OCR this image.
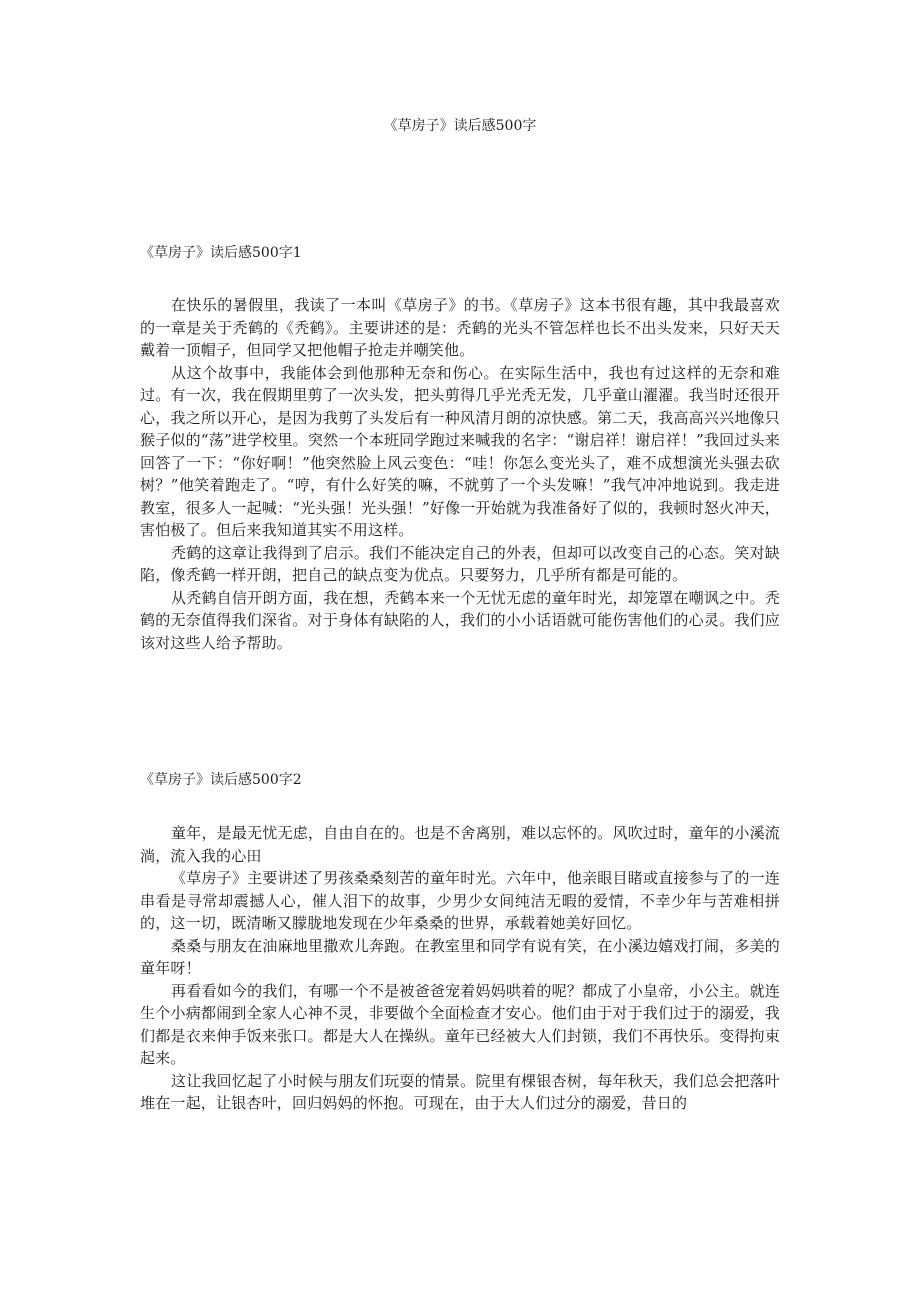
《草房子》读后感500字
《草房子》读后感500字1

在快乐的暑假里，我读了一本叫《草房子》的书。《草房子》这本书很有趣，其中我最喜欢的一章是关于秃鹤的《秃鹤》。主要讲述的是：秃鹤的光头不管怎样也长不出头发来，只好天天戴着一顶帽子，但同学又把他帽子抢走并嘲笑他。

从这个故事中，我能体会到他那种无奈和伤心。在实际生活中，我也有过这样的无奈和难过。有一次，我在假期里剪了一次头发，把头剪得几乎光秃无发，几乎童山濯濯。我当时还很开心，我之所以开心，是因为我剪了头发后有一种风清月朗的凉快感。第二天，我高高兴兴地像只猴子似的“荡”进学校里。突然一个本班同学跑过来喊我的名字：“谢启祥！谢启祥！”我回过头来回答了一下：“你好啊！”他突然脸上风云变色：“哇！你怎么变光头了，难不成想演光头强去砍树？”他笑着跑走了。“哼，有什么好笑的嘛，不就剪了一个头发嘛！”我气冲冲地说到。我走进教室，很多人一起喊：“光头强！光头强！”好像一开始就为我准备好了似的，我顿时怒火冲天，害怕极了。但后来我知道其实不用这样。

秃鹤的这章让我得到了启示。我们不能决定自己的外表，但却可以改变自己的心态。笑对缺陷，像秃鹤一样开朗，把自己的缺点变为优点。只要努力，几乎所有都是可能的。

从秃鹤自信开朗方面，我在想，秃鹤本来一个无忧无虑的童年时光，却笼罩在嘲讽之中。秃鹤的无奈值得我们深省。对于身体有缺陷的人，我们的小小话语就可能伤害他们的心灵。我们应该对这些人给予帮助。

《草房子》读后感500字2

童年，是最无忧无虑，自由自在的。也是不舍离别，难以忘怀的。风吹过时，童年的小溪流淌，流入我的心田

《草房子》主要讲述了男孩桑桑刻苦的童年时光。六年中，他亲眼目睹或直接参与了的一连串看是寻常却震撼人心，催人泪下的故事，少男少女间纯洁无暇的爱情，不幸少年与苦难相拼的，这一切，既清晰又朦胧地发现在少年桑桑的世界，承载着她美好回忆。

桑桑与朋友在油麻地里撒欢儿奔跑。在教室里和同学有说有笑，在小溪边嬉戏打闹，多美的童年呀！

再看看如今的我们，有哪一个不是被爸爸宠着妈妈哄着的呢？都成了小皇帝，小公主。就连生个小病都闹到全家人心神不灵，非要做个全面检查才安心。他们由于对于我们过于的溺爱，我们都是衣来伸手饭来张口。都是大人在操纵。童年已经被大人们封锁，我们不再快乐。变得拘束起来。

这让我回忆起了小时候与朋友们玩耍的情景。院里有棵银杏树，每年秋天，我们总会把落叶堆在一起，让银杏叶，回归妈妈的怀抱。可现在，由于大人们过分的溺爱，昔日的
